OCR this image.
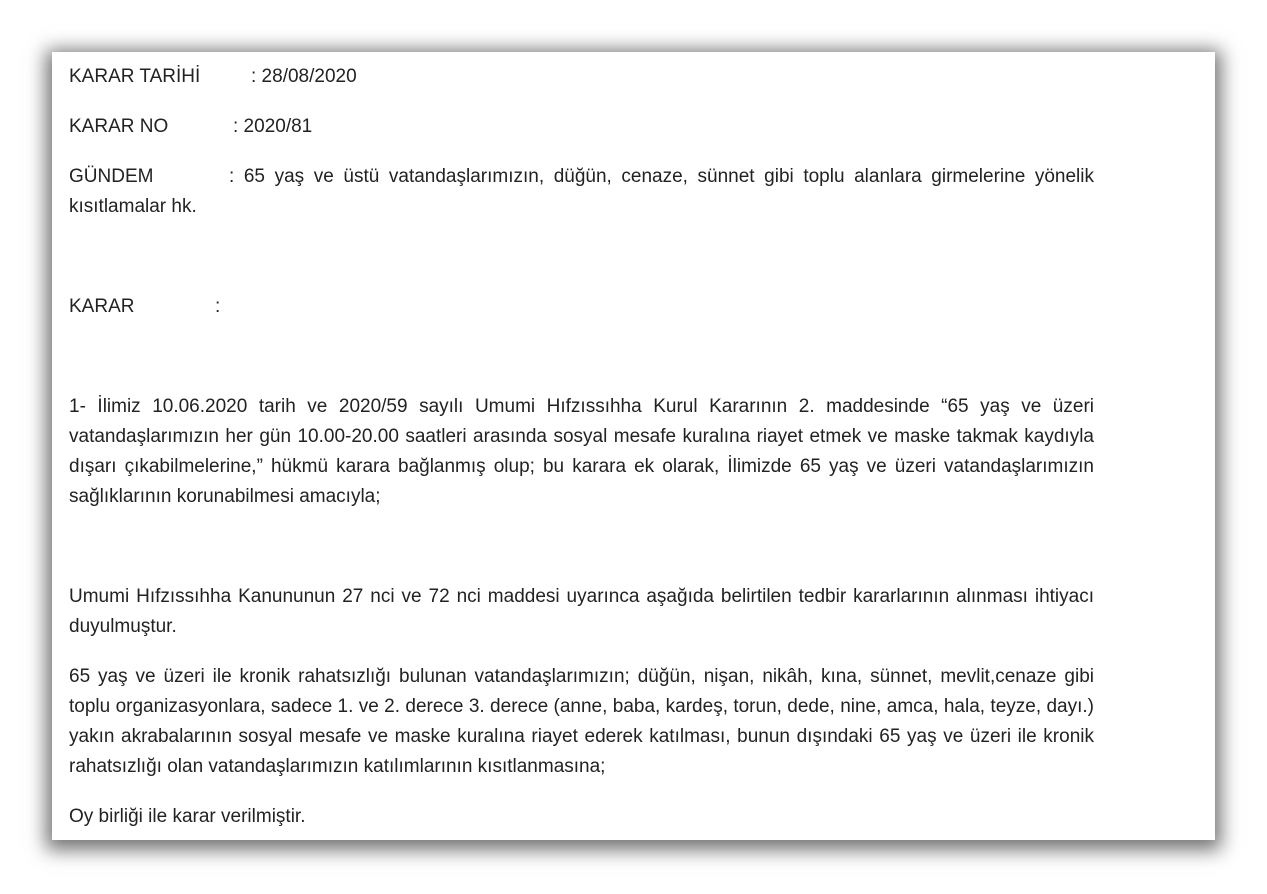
KARAR TARİHİ	: 28/08/2020
KARAR NO	: 2020/81
GÜNDEM	: 65 yaş ve üstü vatandaşlarımızın, düğün, cenaze, sünnet gibi toplu alanlara girmelerine yönelik kısıtlamalar hk.
KARAR	:

1- İlimiz 10.06.2020 tarih ve 2020/59 sayılı Umumi Hıfzıssıhha Kurul Kararının 2. maddesinde “65 yaş ve üzeri vatandaşlarımızın her gün 10.00-20.00 saatleri arasında sosyal mesafe kuralına riayet etmek ve maske takmak kaydıyla dışarı çıkabilmelerine,” hükmü karara bağlanmış olup; bu karara ek olarak, İlimizde 65 yaş ve üzeri vatandaşlarımızın sağlıklarının korunabilmesi amacıyla;

Umumi Hıfzıssıhha Kanununun 27 nci ve 72 nci maddesi uyarınca aşağıda belirtilen tedbir kararlarının alınması ihtiyacı duyulmuştur.

65 yaş ve üzeri ile kronik rahatsızlığı bulunan vatandaşlarımızın; düğün, nişan, nikâh, kına, sünnet, mevlit,cenaze gibi toplu organizasyonlara, sadece 1. ve 2. derece 3. derece (anne, baba, kardeş, torun, dede, nine, amca, hala, teyze, dayı.) yakın akrabalarının sosyal mesafe ve maske kuralına riayet ederek katılması, bunun dışındaki 65 yaş ve üzeri ile kronik rahatsızlığı olan vatandaşlarımızın katılımlarının kısıtlanmasına;

Oy birliği ile karar verilmiştir.
